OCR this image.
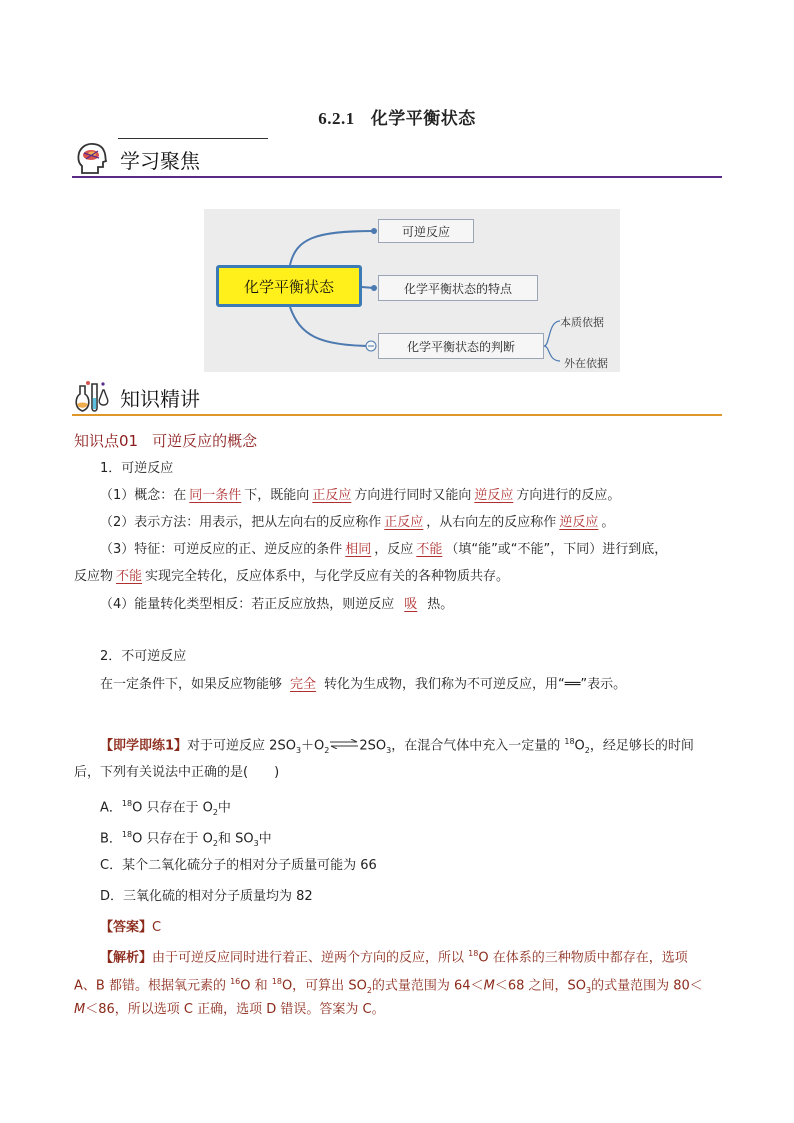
6.2.1 化学平衡状态
学习聚焦
化学平衡状态
可逆反应
化学平衡状态的特点
化学平衡状态的判断
本质依据
外在依据
知识精讲
知识点01 可逆反应的概念
1．可逆反应
（1）概念：在 同一条件 下，既能向 正反应 方向进行同时又能向 逆反应 方向进行的反应。
（2）表示方法：用表示，把从左向右的反应称作 正反应 ，从右向左的反应称作 逆反应 。
（3）特征：可逆反应的正、逆反应的条件 相同 ，反应 不能 （填“能”或“不能”，下同）进行到底，
反应物 不能 实现完全转化，反应体系中，与化学反应有关的各种物质共存。
（4）能量转化类型相反：若正反应放热，则逆反应 吸 热。
2．不可逆反应
在一定条件下，如果反应物能够 完全 转化为生成物，我们称为不可逆反应，用“══”表示。
【即学即练1】对于可逆反应 $2SO_3+O_2\rightleftharpoons 2SO_3$，在混合气体中充入一定量的 $^{18}O_2$，经足够长的时间
后，下列有关说法中正确的是(　　)
A．$^{18}$O 只存在于 $O_2$中
B．$^{18}$O 只存在于 $O_2$和 $SO_3$中
C．某个二氧化硫分子的相对分子质量可能为 66
D．三氧化硫的相对分子质量均为 82
【答案】C
【解析】由于可逆反应同时进行着正、逆两个方向的反应，所以 $^{18}$O 在体系的三种物质中都存在，选项
A、B 都错。根据氧元素的 $^{16}$O 和 $^{18}$O，可算出 $SO_2$的式量范围为 64＜M＜68 之间，$SO_3$的式量范围为 80＜
M＜86，所以选项 C 正确，选项 D 错误。答案为 C。
